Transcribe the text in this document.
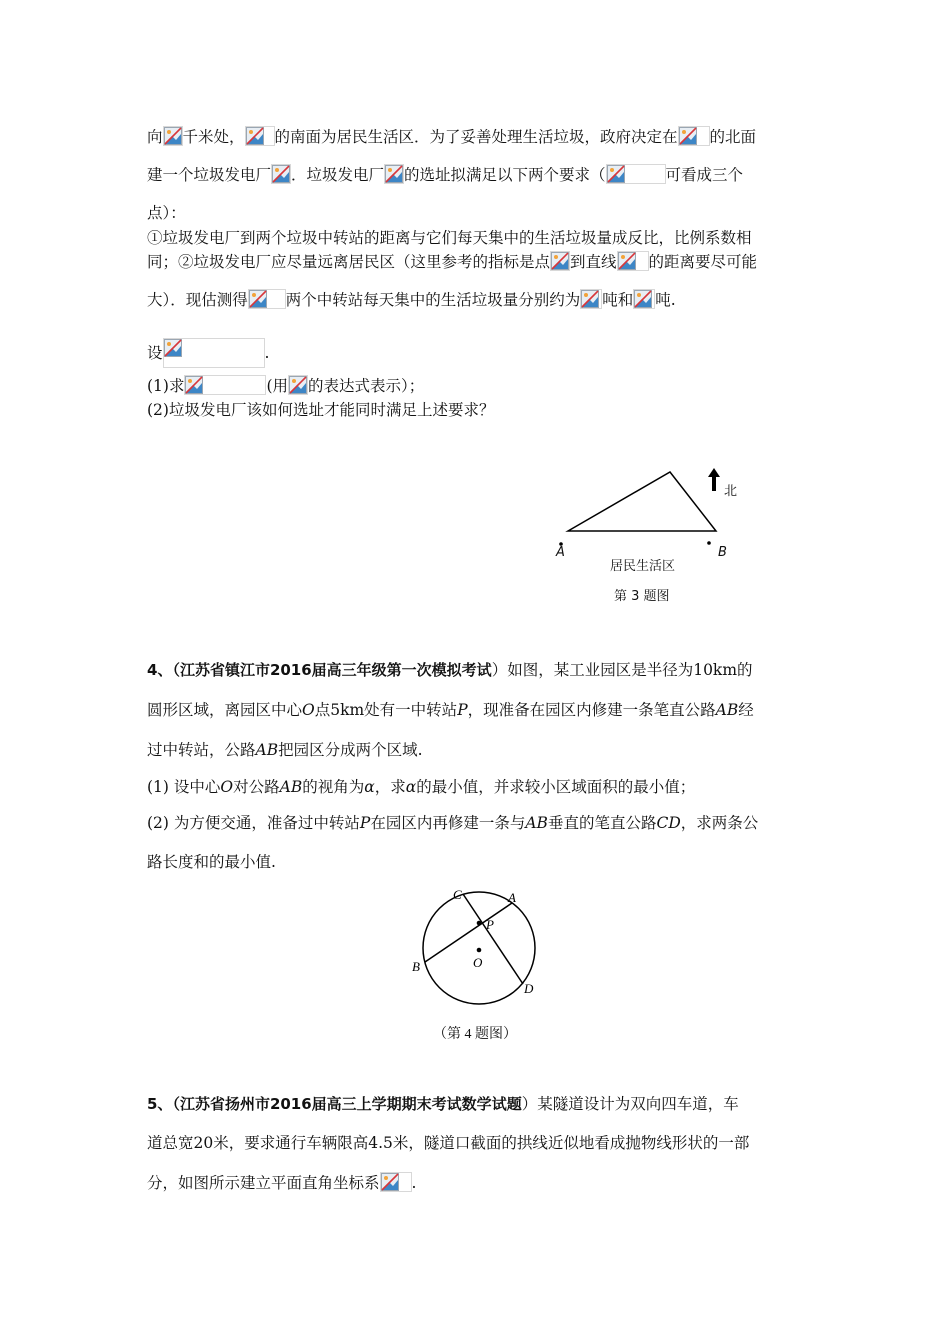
向 千米处， 的南面为居民生活区．为了妥善处理生活垃圾，政府决定在 的北面
建一个垃圾发电厂 ．垃圾发电厂 的选址拟满足以下两个要求（	可看成三个
点）：
①垃圾发电厂到两个垃圾中转站的距离与它们每天集中的生活垃圾量成反比，比例系数相
同；②垃圾发电厂应尽量远离居民区（这里参考的指标是点 到直线 的距离要尽可能
大）．现估测得 两个中转站每天集中的生活垃圾量分别约为 吨和 吨.
设	.
(1)求	(用 的表达式表示）；
(2)垃圾发电厂该如何选址才能同时满足上述要求？
北
A	B
居民生活区
第 3 题图
4、（江苏省镇江市2016届高三年级第一次模拟考试）如图，某工业园区是半径为10km的
圆形区域，离园区中心O点5km处有一中转站P，现准备在园区内修建一条笔直公路AB经
过中转站，公路AB把园区分成两个区域.
(1) 设中心O对公路AB的视角为α，求α的最小值，并求较小区域面积的最小值；
(2) 为方便交通，准备过中转站P在园区内再修建一条与AB垂直的笔直公路CD，求两条公
路长度和的最小值.
C	A
P
O
B
D
（第 4 题图）
5、（江苏省扬州市2016届高三上学期期末考试数学试题）某隧道设计为双向四车道，车
道总宽20米，要求通行车辆限高4.5米，隧道口截面的拱线近似地看成抛物线形状的一部
分，如图所示建立平面直角坐标系 .
